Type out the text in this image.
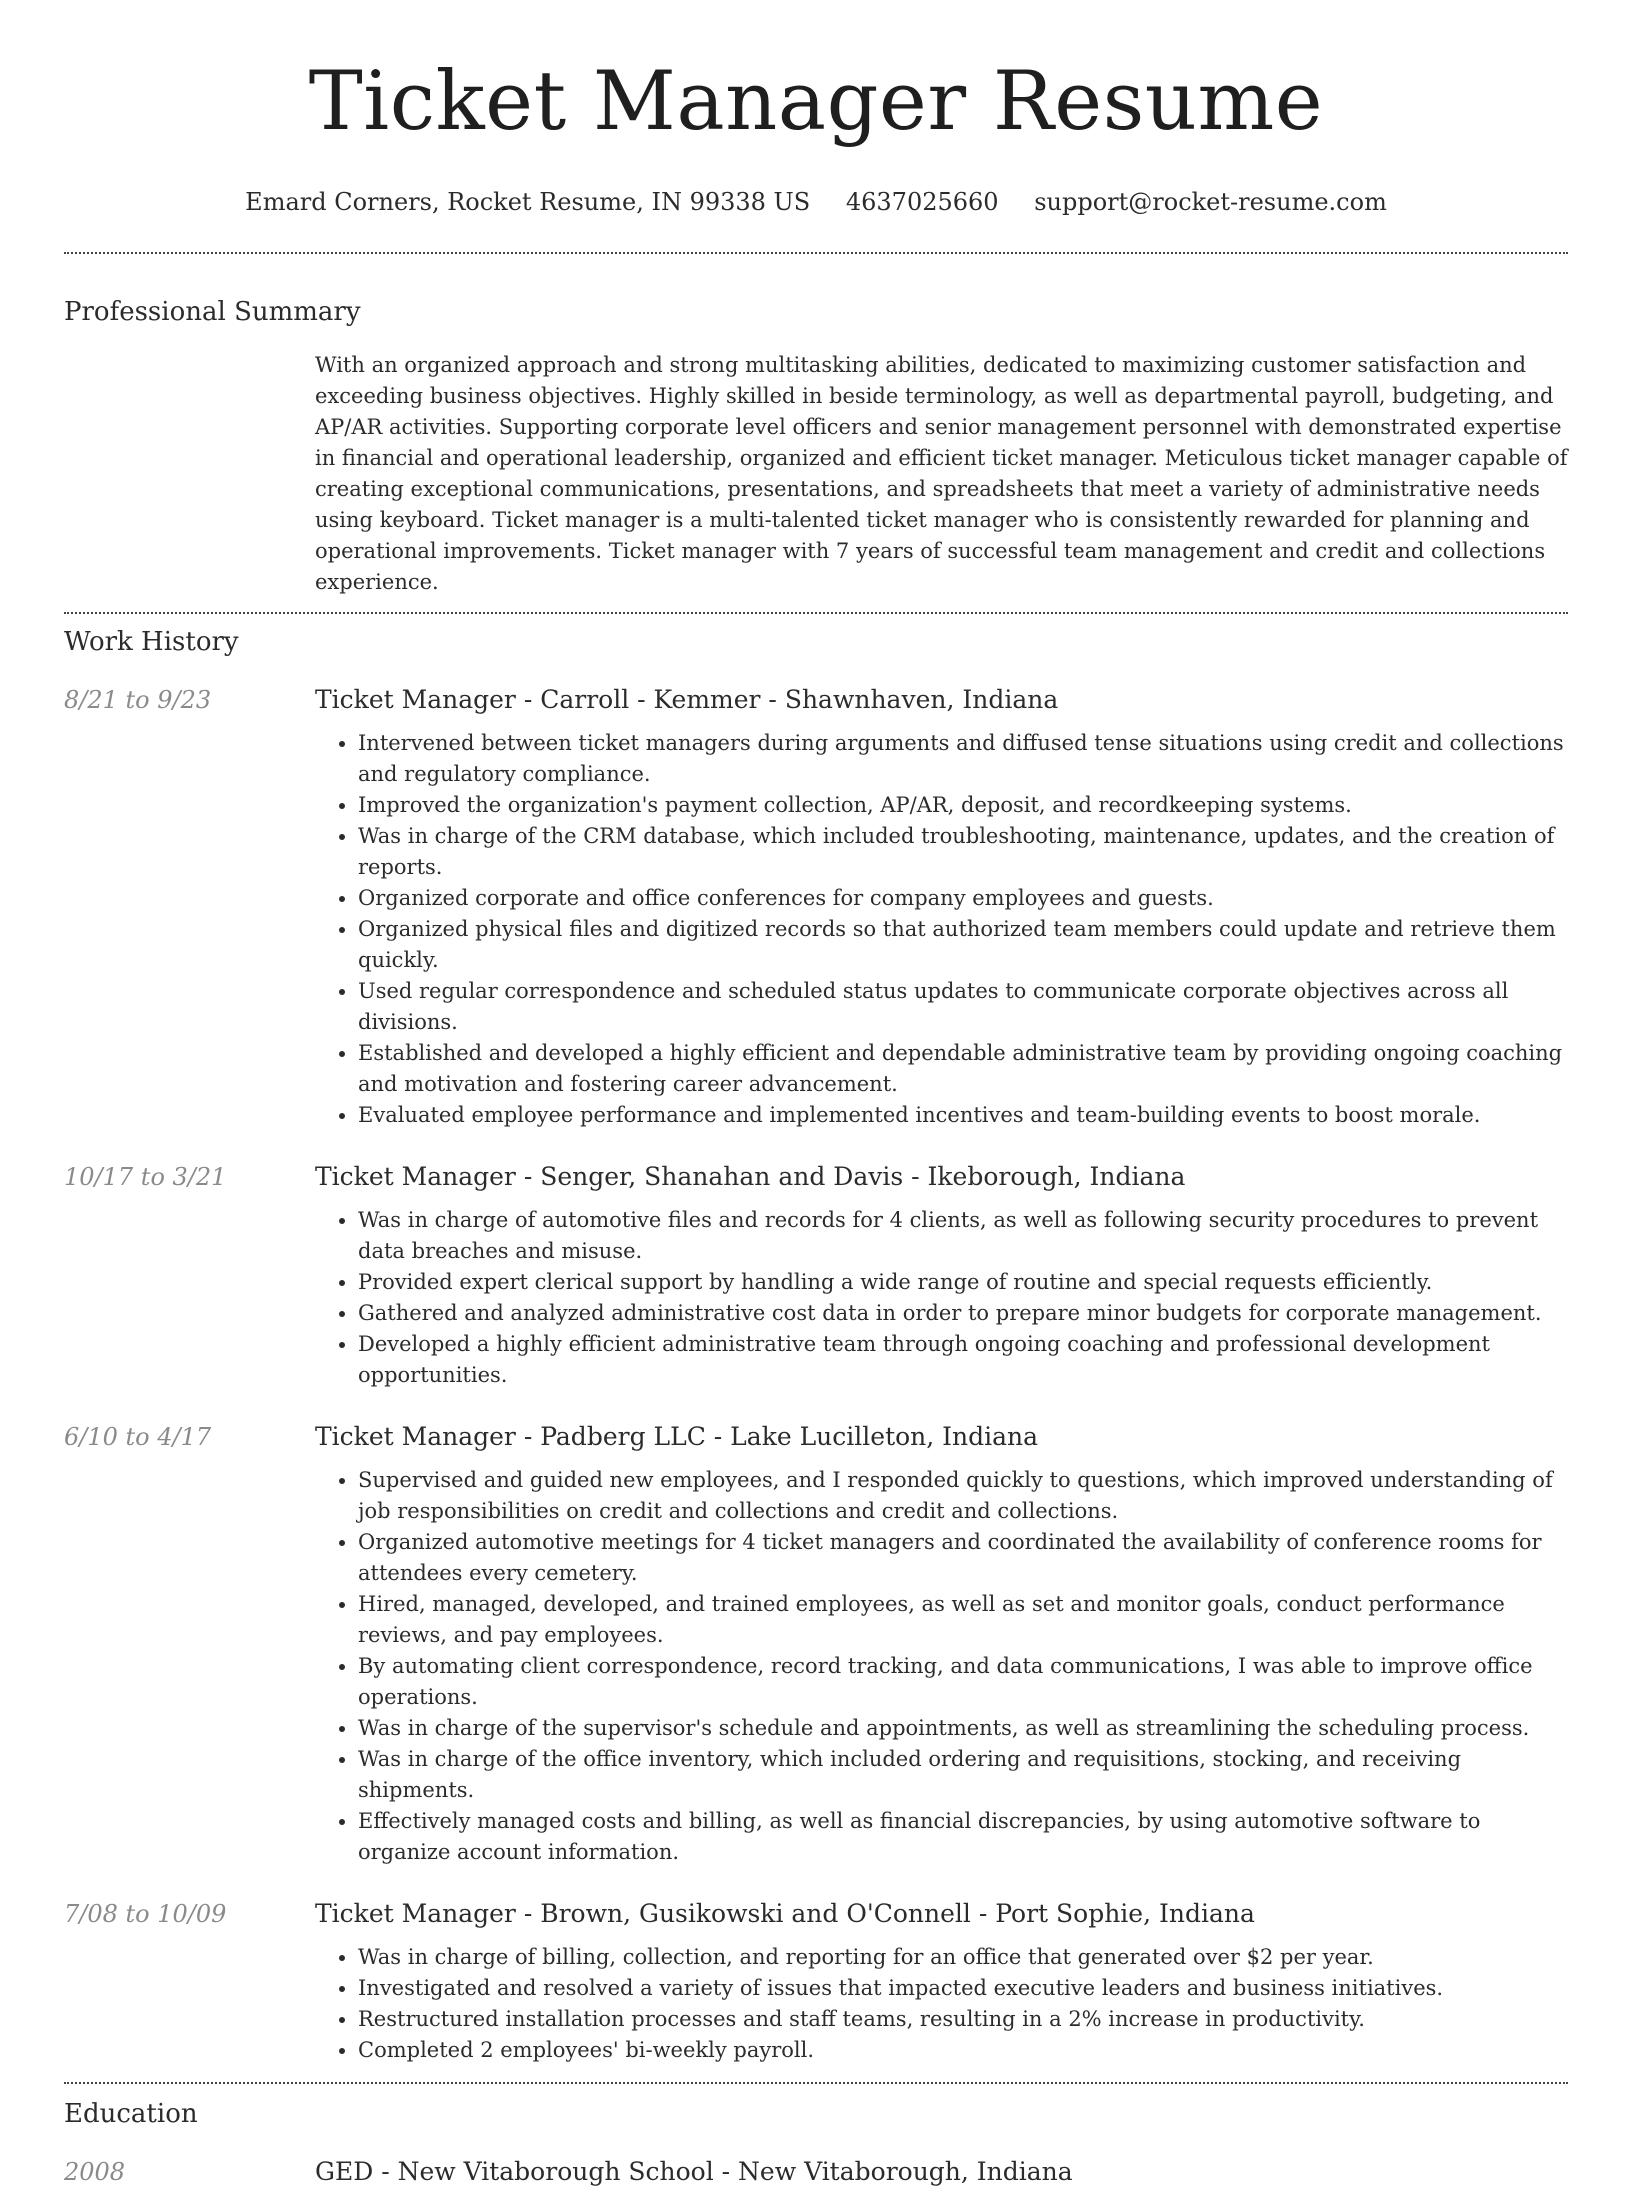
Ticket Manager Resume
Emard Corners, Rocket Resume, IN 99338 US 4637025660 support@rocket-resume.com
Professional Summary
With an organized approach and strong multitasking abilities, dedicated to maximizing customer satisfaction and exceeding business objectives. Highly skilled in beside terminology, as well as departmental payroll, budgeting, and AP/AR activities. Supporting corporate level officers and senior management personnel with demonstrated expertise in financial and operational leadership, organized and efficient ticket manager. Meticulous ticket manager capable of creating exceptional communications, presentations, and spreadsheets that meet a variety of administrative needs using keyboard. Ticket manager is a multi-talented ticket manager who is consistently rewarded for planning and operational improvements. Ticket manager with 7 years of successful team management and credit and collections experience.
Work History
8/21 to 9/23	Ticket Manager - Carroll - Kemmer - Shawnhaven, Indiana
• Intervened between ticket managers during arguments and diffused tense situations using credit and collections and regulatory compliance.
• Improved the organization's payment collection, AP/AR, deposit, and recordkeeping systems.
• Was in charge of the CRM database, which included troubleshooting, maintenance, updates, and the creation of reports.
• Organized corporate and office conferences for company employees and guests.
• Organized physical files and digitized records so that authorized team members could update and retrieve them quickly.
• Used regular correspondence and scheduled status updates to communicate corporate objectives across all divisions.
• Established and developed a highly efficient and dependable administrative team by providing ongoing coaching and motivation and fostering career advancement.
• Evaluated employee performance and implemented incentives and team-building events to boost morale.
10/17 to 3/21	Ticket Manager - Senger, Shanahan and Davis - Ikeborough, Indiana
• Was in charge of automotive files and records for 4 clients, as well as following security procedures to prevent data breaches and misuse.
• Provided expert clerical support by handling a wide range of routine and special requests efficiently.
• Gathered and analyzed administrative cost data in order to prepare minor budgets for corporate management.
• Developed a highly efficient administrative team through ongoing coaching and professional development opportunities.
6/10 to 4/17	Ticket Manager - Padberg LLC - Lake Lucilleton, Indiana
• Supervised and guided new employees, and I responded quickly to questions, which improved understanding of job responsibilities on credit and collections and credit and collections.
• Organized automotive meetings for 4 ticket managers and coordinated the availability of conference rooms for attendees every cemetery.
• Hired, managed, developed, and trained employees, as well as set and monitor goals, conduct performance reviews, and pay employees.
• By automating client correspondence, record tracking, and data communications, I was able to improve office operations.
• Was in charge of the supervisor's schedule and appointments, as well as streamlining the scheduling process.
• Was in charge of the office inventory, which included ordering and requisitions, stocking, and receiving shipments.
• Effectively managed costs and billing, as well as financial discrepancies, by using automotive software to organize account information.
7/08 to 10/09	Ticket Manager - Brown, Gusikowski and O'Connell - Port Sophie, Indiana
• Was in charge of billing, collection, and reporting for an office that generated over $2 per year.
• Investigated and resolved a variety of issues that impacted executive leaders and business initiatives.
• Restructured installation processes and staff teams, resulting in a 2% increase in productivity.
• Completed 2 employees' bi-weekly payroll.
Education
2008	GED - New Vitaborough School - New Vitaborough, Indiana
